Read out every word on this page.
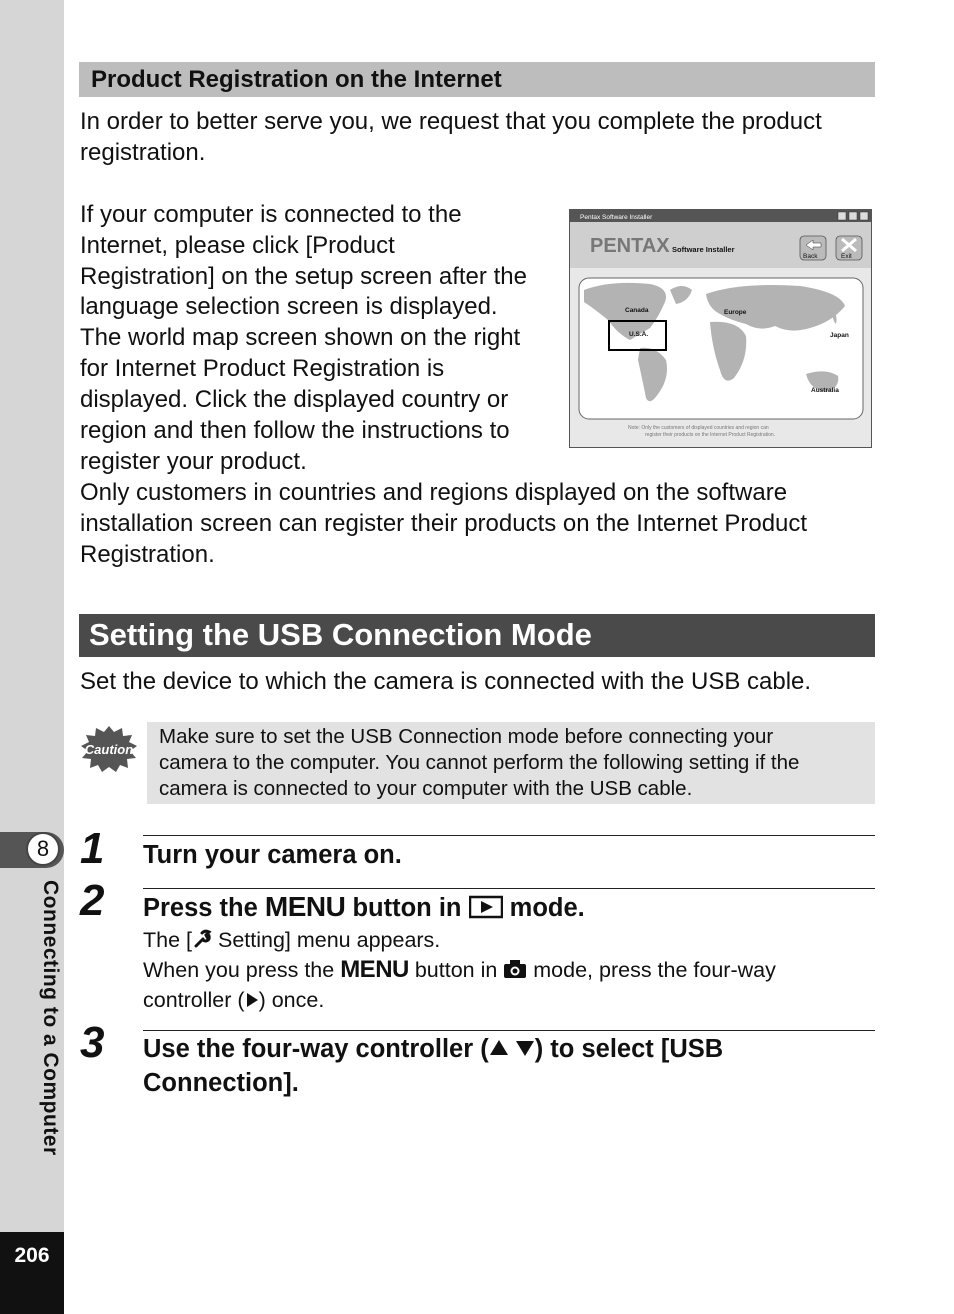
8
Connecting to a Computer
206
Product Registration on the Internet
In order to better serve you, we request that you complete the product
registration.
If your computer is connected to the
Internet, please click [Product
Registration] on the setup screen after the
language selection screen is displayed.
The world map screen shown on the right
for Internet Product Registration is
displayed. Click the displayed country or
region and then follow the instructions to
register your product.
Only customers in countries and regions displayed on the software
installation screen can register their products on the Internet Product
Registration.
Pentax Software Installer
PENTAX Software Installer
Back	Exit
Canada
U.S.A.
Europe
Japan
Australia
Note: Only the customers of displayed countries and region can
register their products on the Internet Product Registration.
Setting the USB Connection Mode
Set the device to which the camera is connected with the USB cable.
Caution
Make sure to set the USB Connection mode before connecting your
camera to the computer. You cannot perform the following setting if the
camera is connected to your computer with the USB cable.
1 Turn your camera on.
2 Press the MENU button in  mode.
The [ Setting] menu appears.
When you press the MENU button in  mode, press the four-way
controller ( ) once.
3 Use the four-way controller ( ) to select [USB
Connection].
